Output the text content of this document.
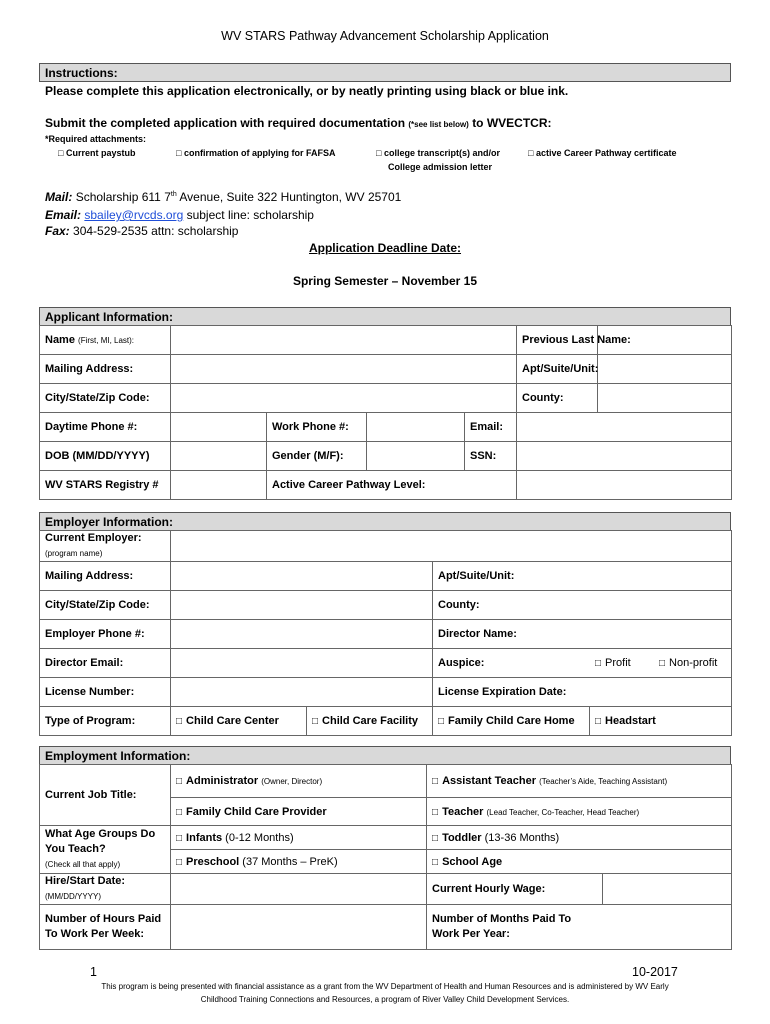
WV STARS Pathway Advancement Scholarship Application
Instructions:
Please complete this application electronically, or by neatly printing using black or blue ink.
Submit the completed application with required documentation (*see list below) to WVECTCR:
*Required attachments:
□ Current paystub	□ confirmation of applying for FAFSA	□ college transcript(s) and/or
College admission letter
□ active Career Pathway certificate
Mail: Scholarship 611 7th Avenue, Suite 322 Huntington, WV 25701
Email: sbailey@rvcds.org subject line: scholarship
Fax: 304-529-2535 attn: scholarship
Application Deadline Date:
Spring Semester – November 15
Applicant Information:
Name (First, MI, Last):					Previous Last Name:	
Mailing Address:					Apt/Suite/Unit:	
City/State/Zip Code:					County:	
Daytime Phone #:		Work Phone #:		Email:		
DOB (MM/DD/YYYY)		Gender (M/F):		SSN:		
WV STARS Registry #		Active Career Pathway Level:				
Employer Information:
Current Employer:
(program name)				
Mailing Address:			Apt/Suite/Unit:	
City/State/Zip Code:			County:	
Employer Phone #:			Director Name:	
Director Email:			Auspice: □ Profit □ Non-profit	

License Number:			License Expiration Date:	
Type of Program:	□ Child Care Center	□ Child Care Facility	□ Family Child Care Home	□ Headstart
Employment Information:
Current Job Title:	□ Administrator (Owner, Director)	□ Assistant Teacher (Teacher’s Aide, Teaching Assistant)	
	□ Family Child Care Provider	□ Teacher (Lead Teacher, Co-Teacher, Head Teacher)	
What Age Groups Do
You Teach?
(Check all that apply)	□ Infants (0-12 Months)	□ Toddler (13-36 Months)	
	□ Preschool (37 Months – PreK)	□ School Age	
Hire/Start Date:
(MM/DD/YYYY)		Current Hourly Wage:	
Number of Hours Paid
To Work Per Week:		Number of Months Paid To
Work Per Year:	
1	10-2017
This program is being presented with financial assistance as a grant from the WV Department of Health and Human Resources and is administered by WV Early
Childhood Training Connections and Resources, a program of River Valley Child Development Services.
